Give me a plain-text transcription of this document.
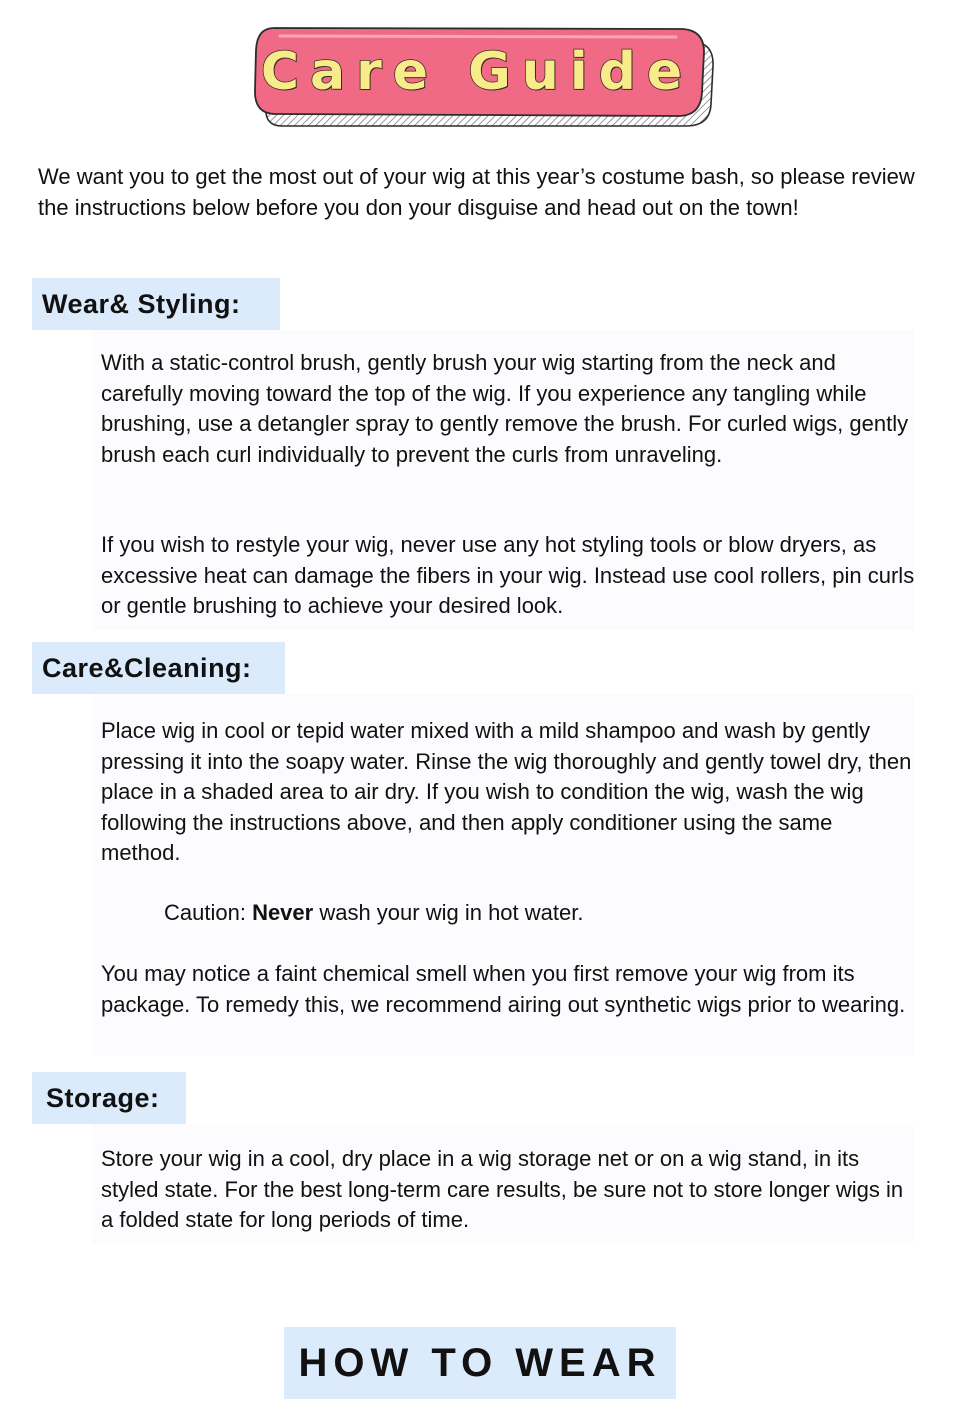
Care Guide
We want you to get the most out of your wig at this year’s costume bash, so please review the instructions below before you don your disguise and head out on the town!
Wear& Styling:
With a static-control brush, gently brush your wig starting from the neck and carefully moving toward the top of the wig. If you experience any tangling while brushing, use a detangler spray to gently remove the brush. For curled wigs, gently brush each curl individually to prevent the curls from unraveling.
If you wish to restyle your wig, never use any hot styling tools or blow dryers, as excessive heat can damage the fibers in your wig. Instead use cool rollers, pin curls or gentle brushing to achieve your desired look.
Care&Cleaning:
Place wig in cool or tepid water mixed with a mild shampoo and wash by gently pressing it into the soapy water. Rinse the wig thoroughly and gently towel dry, then place in a shaded area to air dry. If you wish to condition the wig, wash the wig following the instructions above, and then apply conditioner using the same method.
Caution: Never wash your wig in hot water.
You may notice a faint chemical smell when you first remove your wig from its package. To remedy this, we recommend airing out synthetic wigs prior to wearing.
Storage:
Store your wig in a cool, dry place in a wig storage net or on a wig stand, in its styled state. For the best long-term care results, be sure not to store longer wigs in a folded state for long periods of time.
HOW TO WEAR
